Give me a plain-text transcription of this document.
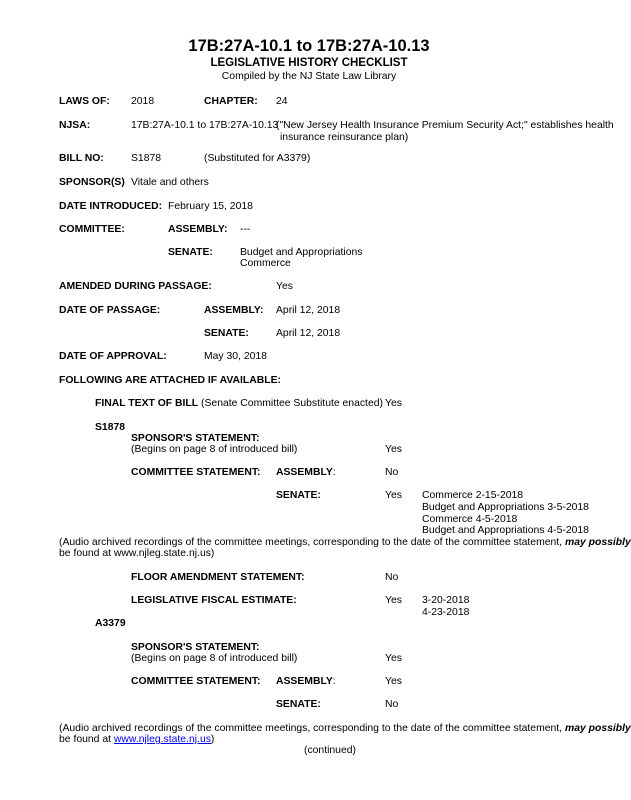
17B:27A-10.1 to 17B:27A-10.13
LEGISLATIVE HISTORY CHECKLIST
Compiled by the NJ State Law Library
LAWS OF: 2018	CHAPTER: 24
NJSA:	17B:27A-10.1 to 17B:27A-10.13
("New Jersey Health Insurance Premium Security Act;" establishes health
insurance reinsurance plan)
BILL NO:	S1878	(Substituted for A3379)
SPONSOR(S) Vitale and others
DATE INTRODUCED: February 15, 2018
COMMITTEE:	ASSEMBLY: ---
SENATE:	Budget and Appropriations
Commerce
AMENDED DURING PASSAGE:	Yes
DATE OF PASSAGE:	ASSEMBLY: April 12, 2018
SENATE:	April 12, 2018
DATE OF APPROVAL:	May 30, 2018
FOLLOWING ARE ATTACHED IF AVAILABLE:
FINAL TEXT OF BILL (Senate Committee Substitute enacted) Yes
S1878
SPONSOR'S STATEMENT:
(Begins on page 8 of introduced bill)	Yes
COMMITTEE STATEMENT: ASSEMBLY:	No
SENATE:	Yes Commerce 2-15-2018
Budget and Appropriations 3-5-2018
Commerce 4-5-2018
Budget and Appropriations 4-5-2018
(Audio archived recordings of the committee meetings, corresponding to the date of the committee statement, may possibly
be found at www.njleg.state.nj.us)
FLOOR AMENDMENT STATEMENT:	No
LEGISLATIVE FISCAL ESTIMATE:	Yes 3-20-2018
4-23-2018
A3379
SPONSOR'S STATEMENT:
(Begins on page 8 of introduced bill)	Yes
COMMITTEE STATEMENT: ASSEMBLY:	Yes
SENATE:	No
(Audio archived recordings of the committee meetings, corresponding to the date of the committee statement, may possibly
be found at www.njleg.state.nj.us)
(continued)
